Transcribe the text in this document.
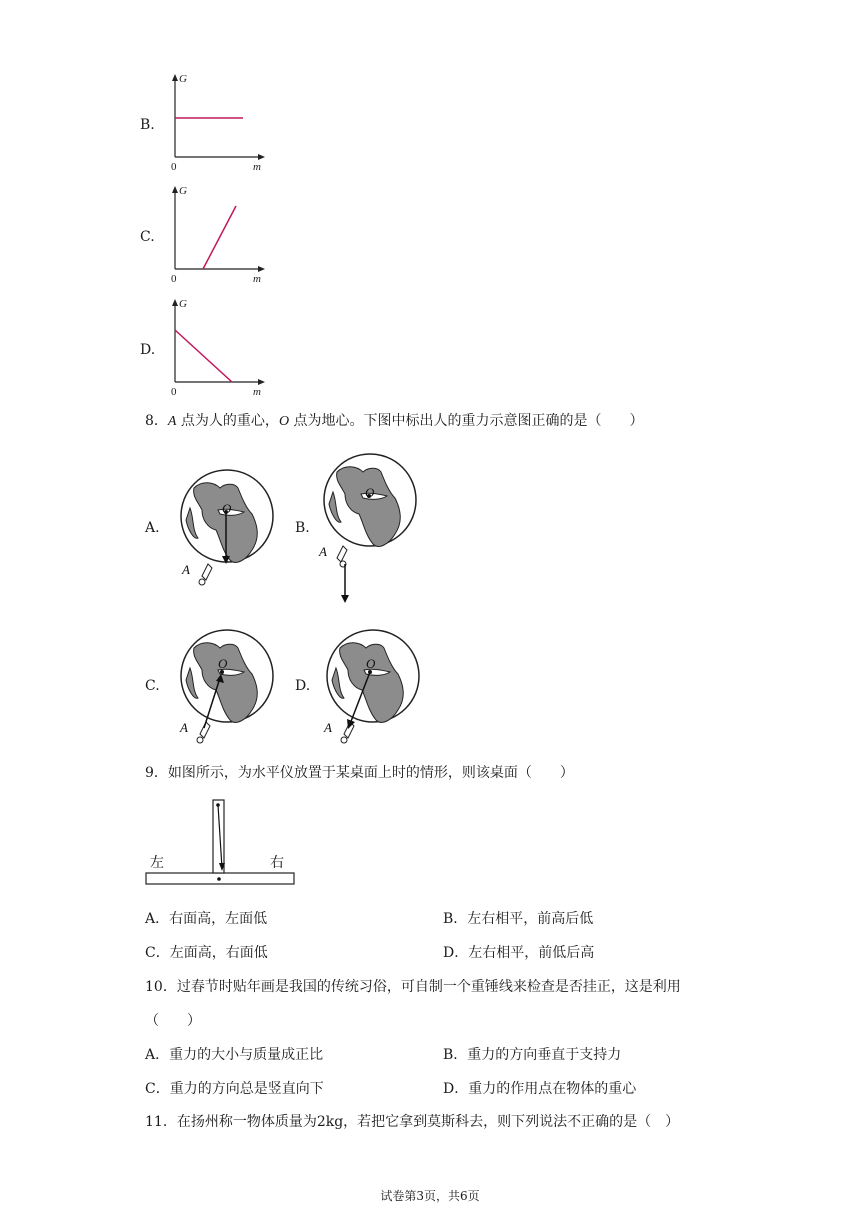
B.
G
m
0
C.
G
m
0
D.
G
m
0
8．A 点为人的重心，O 点为地心。下图中标出人的重力示意图正确的是（　　）
A.
O
A
B.
O
A
C.
O
A
D.
O
A
9．如图所示，为水平仪放置于某桌面上时的情形，则该桌面（　　）
左	右
A．右面高，左面低	B．左右相平，前高后低
C．左面高，右面低	D．左右相平，前低后高
10．过春节时贴年画是我国的传统习俗，可自制一个重锤线来检查是否挂正，这是利用
（　　）
A．重力的大小与质量成正比	B．重力的方向垂直于支持力
C．重力的方向总是竖直向下	D．重力的作用点在物体的重心
11．在扬州称一物体质量为2kg，若把它拿到莫斯科去，则下列说法不正确的是（　）
试卷第3页，共6页
